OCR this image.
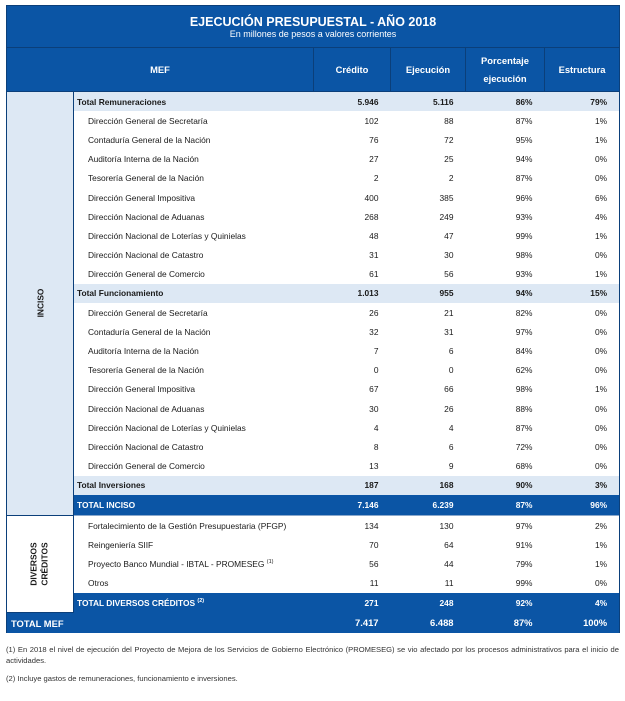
EJECUCIÓN PRESUPUESTAL - AÑO 2018					
En millones de pesos a valores corrientes					
MEF		Crédito	Ejecución	Porcentaje ejecución	Estructura
INCISO	Total Remuneraciones	5.946	5.116	86%	79%
	Dirección General de Secretaría	102	88	87%	1%
	Contaduría General de la Nación	76	72	95%	1%
	Auditoría Interna de la Nación	27	25	94%	0%
	Tesorería General de la Nación	2	2	87%	0%
	Dirección General Impositiva	400	385	96%	6%
	Dirección Nacional de Aduanas	268	249	93%	4%
	Dirección Nacional de Loterías y Quinielas	48	47	99%	1%
	Dirección Nacional de Catastro	31	30	98%	0%
	Dirección General de Comercio	61	56	93%	1%
	Total Funcionamiento	1.013	955	94%	15%
	Dirección General de Secretaría	26	21	82%	0%
	Contaduría General de la Nación	32	31	97%	0%
	Auditoría Interna de la Nación	7	6	84%	0%
	Tesorería General de la Nación	0	0	62%	0%
	Dirección General Impositiva	67	66	98%	1%
	Dirección Nacional de Aduanas	30	26	88%	0%
	Dirección Nacional de Loterías y Quinielas	4	4	87%	0%
	Dirección Nacional de Catastro	8	6	72%	0%
	Dirección General de Comercio	13	9	68%	0%
	Total Inversiones	187	168	90%	3%
	TOTAL INCISO	7.146	6.239	87%	96%
DIVERSOS
CRÉDITOS	Fortalecimiento de la Gestión Presupuestaria (PFGP)	134	130	97%	2%
	Reingeniería SIIF	70	64	91%	1%
	Proyecto Banco Mundial - IBTAL - PROMESEG $^{(1)}$	56	44	79%	1%
	Otros	11	11	99%	0%
	TOTAL DIVERSOS CRÉDITOS $^{(2)}$	271	248	92%	4%
TOTAL MEF		7.417	6.488	87%	100%

(1) En 2018 el nivel de ejecución del Proyecto de Mejora de los Servicios de Gobierno Electrónico (PROMESEG) se vio afectado por los procesos administrativos para el inicio de actividades.

(2) Incluye gastos de remuneraciones, funcionamiento e inversiones.
